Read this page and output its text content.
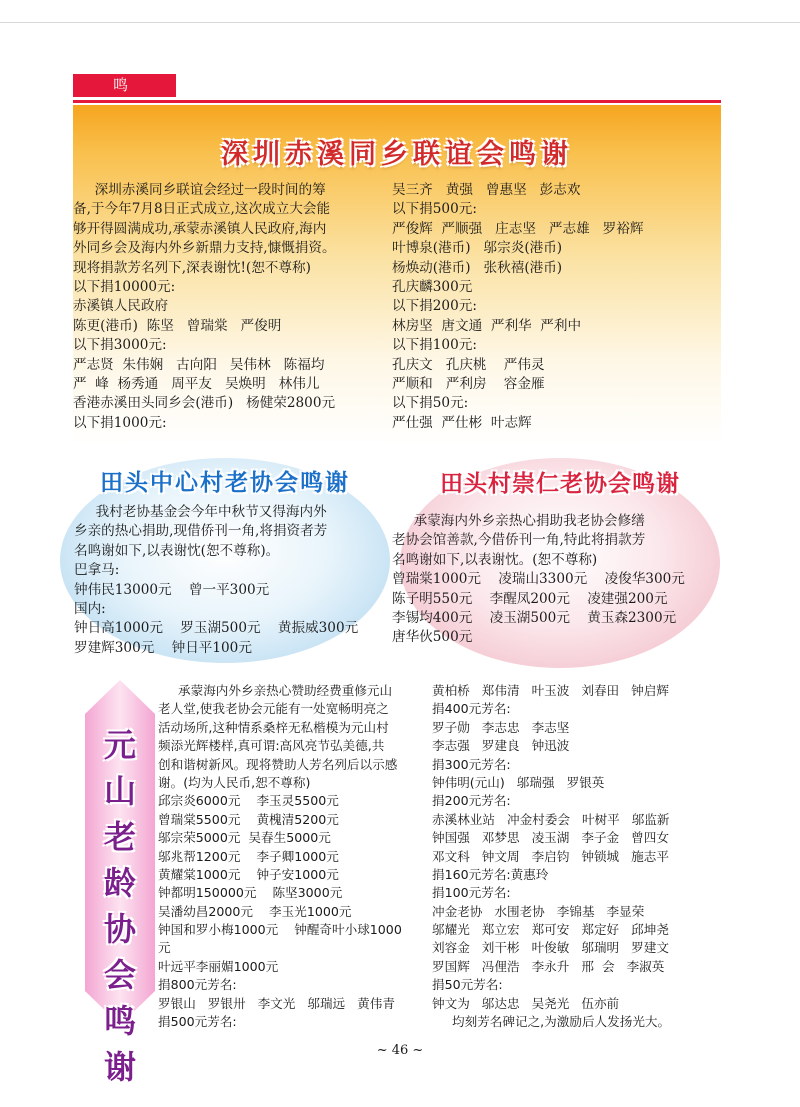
鸣
深圳赤溪同乡联谊会鸣谢
深圳赤溪同乡联谊会经过一段时间的筹
备,于今年7月8日正式成立,这次成立大会能
够开得圆满成功,承蒙赤溪镇人民政府,海内
外同乡会及海内外乡新鼎力支持,慷慨捐资。
现将捐款芳名列下,深表谢忱!(恕不尊称)
以下捐10000元:
赤溪镇人民政府
陈更(港币)  陈坚   曾瑞棠   严俊明
以下捐3000元:
严志贤  朱伟娴   古向阳   吴伟林   陈福均
严  峰  杨秀通   周平友   吴焕明   林伟儿
香港赤溪田头同乡会(港币)   杨健荣2800元
以下捐1000元:
吴三齐   黄强   曾惠坚   彭志欢
以下捐500元:
严俊辉  严顺强   庄志坚   严志雄   罗裕辉
叶博泉(港币)   邬宗炎(港币)
杨焕动(港币)   张秋禧(港币)
孔庆麟300元
以下捐200元:
林房坚  唐文通  严利华  严利中
以下捐100元:
孔庆文   孔庆桃    严伟灵
严顺和   严利房    容金雁
以下捐50元:
严仕强  严仕彬  叶志辉
田头中心村老协会鸣谢
我村老协基金会今年中秋节又得海内外
乡亲的热心捐助,现借侨刊一角,将捐资者芳
名鸣谢如下,以表谢忱(恕不尊称)。
巴拿马:
钟伟民13000元    曾一平300元
国内:
钟日高1000元    罗玉湖500元    黄振威300元
罗建辉300元    钟日平100元
田头村崇仁老协会鸣谢
承蒙海内外乡亲热心捐助我老协会修缮
老协会馆善款,今借侨刊一角,特此将捐款芳
名鸣谢如下,以表谢忱。(恕不尊称)
曾瑞棠1000元    凌瑞山3300元    凌俊华300元
陈子明550元    李醒凤200元    凌建强200元
李锡均400元    凌玉湖500元    黄玉森2300元
唐华伙500元
元
山
老
龄
协
会
鸣
谢
承蒙海内外乡亲热心赞助经费重修元山
老人堂,使我老协会元能有一处宽畅明亮之
活动场所,这种情系桑梓无私楷模为元山村
频添光辉楼样,真可谓:高风亮节弘美德,共
创和谐树新风。现将赞助人芳名列后以示感
谢。(均为人民币,恕不尊称)
邱宗炎6000元    李玉灵5500元
曾瑞棠5500元    黄槐清5200元
邬宗荣5000元  吴春生5000元
邬兆帮1200元    李子卿1000元
黄耀棠1000元    钟子安1000元
钟都明150000元    陈坚3000元
吴潘幼昌2000元    李玉光1000元
钟国和罗小梅1000元    钟醒奇叶小球1000
元
叶远平李丽媚1000元
捐800元芳名:
罗银山   罗银卅   李文光   邬瑞远   黄伟青
捐500元芳名:
黄柏桥   郑伟清   叶玉波   刘春田   钟启辉
捐400元芳名:
罗子勋   李志忠   李志坚
李志强   罗建良   钟迅波
捐300元芳名:
钟伟明(元山)   邬瑞强   罗银英
捐200元芳名:
赤溪林业站   冲金村委会   叶树平   邬监新
钟国强   邓梦思   凌玉湖   李子金   曾四女
邓文科   钟文周   李启钧   钟锁城   施志平
捐160元芳名:黄惠玲
捐100元芳名:
冲金老协   水围老协   李锦基   李显荣
邬耀光   郑立宏   郑可安   郑定好   邱坤尧
刘容金   刘干彬   叶俊敏   邬瑞明   罗建文
罗国辉   冯俚浩   李永升   邢  会   李淑英
捐50元芳名:
钟文为   邬达忠   吴尧光   伍亦前
均刻芳名碑记之,为激励后人发扬光大。
~ 46 ~
